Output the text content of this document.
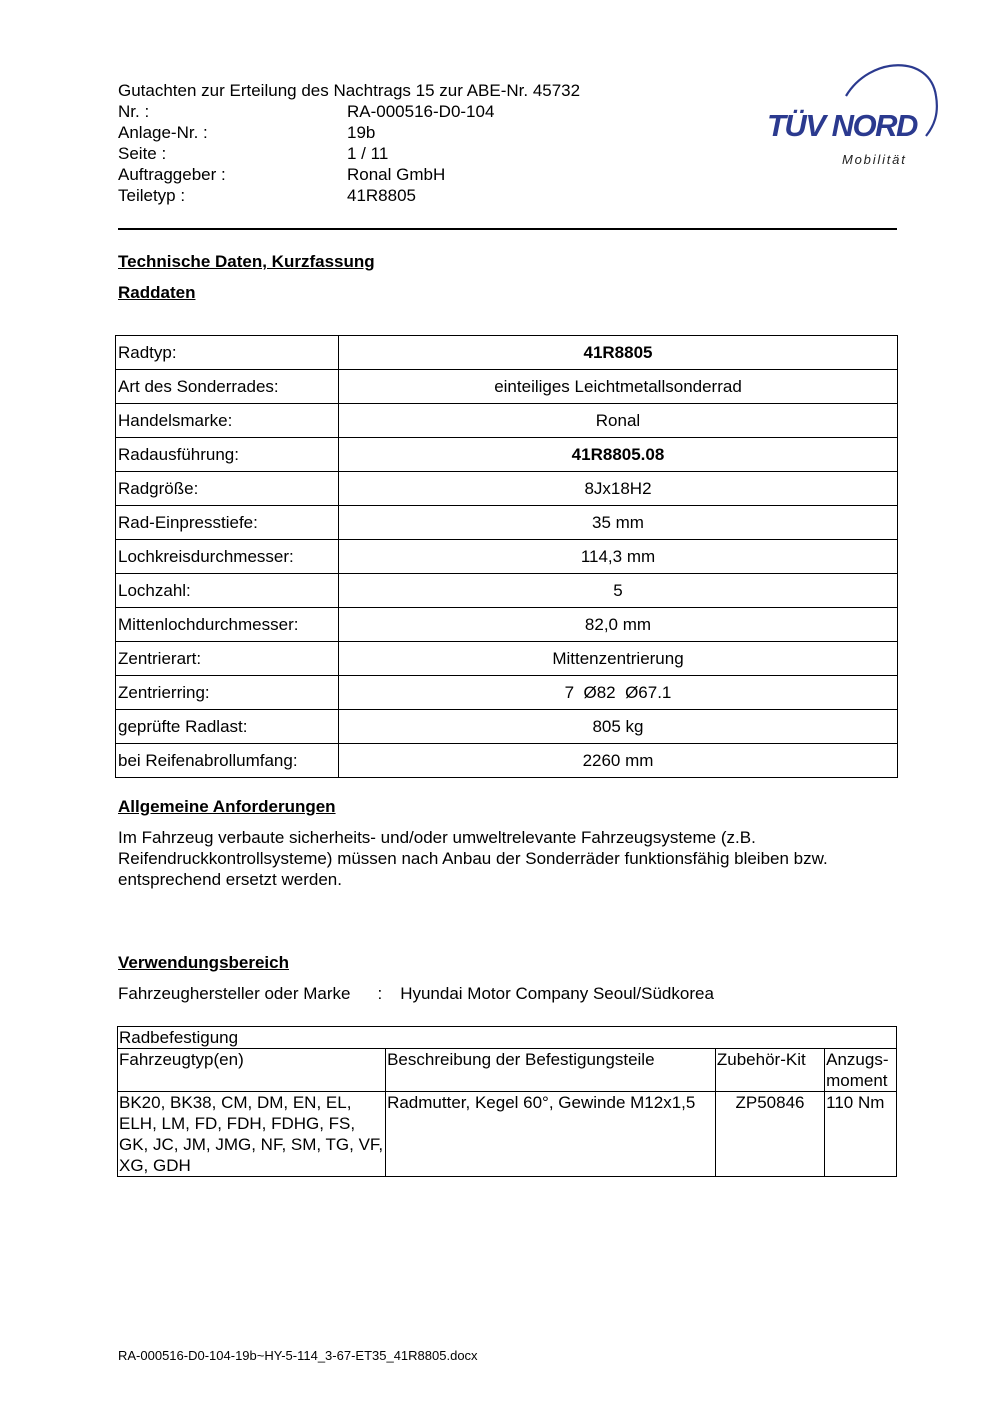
Gutachten zur Erteilung des Nachtrags 15 zur ABE-Nr. 45732
Nr. :	RA-000516-D0-104
Anlage-Nr. :	19b
Seite :	1 / 11
Auftraggeber :	Ronal GmbH
Teiletyp :	41R8805
TÜV NORD
Mobilität
Technische Daten, Kurzfassung
Raddaten
Radtyp:	41R8805
Art des Sonderrades:	einteiliges Leichtmetallsonderrad
Handelsmarke:	Ronal
Radausführung:	41R8805.08
Radgröße:	8Jx18H2
Rad-Einpresstiefe:	35 mm
Lochkreisdurchmesser:	114,3 mm
Lochzahl:	5
Mittenlochdurchmesser:	82,0 mm
Zentrierart:	Mittenzentrierung
Zentrierring:	7  Ø82  Ø67.1
geprüfte Radlast:	805 kg
bei Reifenabrollumfang:	2260 mm
Allgemeine Anforderungen
Im Fahrzeug verbaute sicherheits- und/oder umweltrelevante Fahrzeugsysteme (z.B. Reifendruckkontrollsysteme) müssen nach Anbau der Sonderräder funktionsfähig bleiben bzw. entsprechend ersetzt werden.
Verwendungsbereich
Fahrzeughersteller oder Marke : Hyundai Motor Company Seoul/Südkorea
Radbefestigung			
Fahrzeugtyp(en)	Beschreibung der Befestigungsteile	Zubehör-Kit	Anzugs-moment
BK20, BK38, CM, DM, EN, EL, ELH, LM, FD, FDH, FDHG, FS, GK, JC, JM, JMG, NF, SM, TG, VF, XG, GDH	Radmutter, Kegel 60°, Gewinde M12x1,5	ZP50846	110 Nm
RA-000516-D0-104-19b~HY-5-114_3-67-ET35_41R8805.docx
